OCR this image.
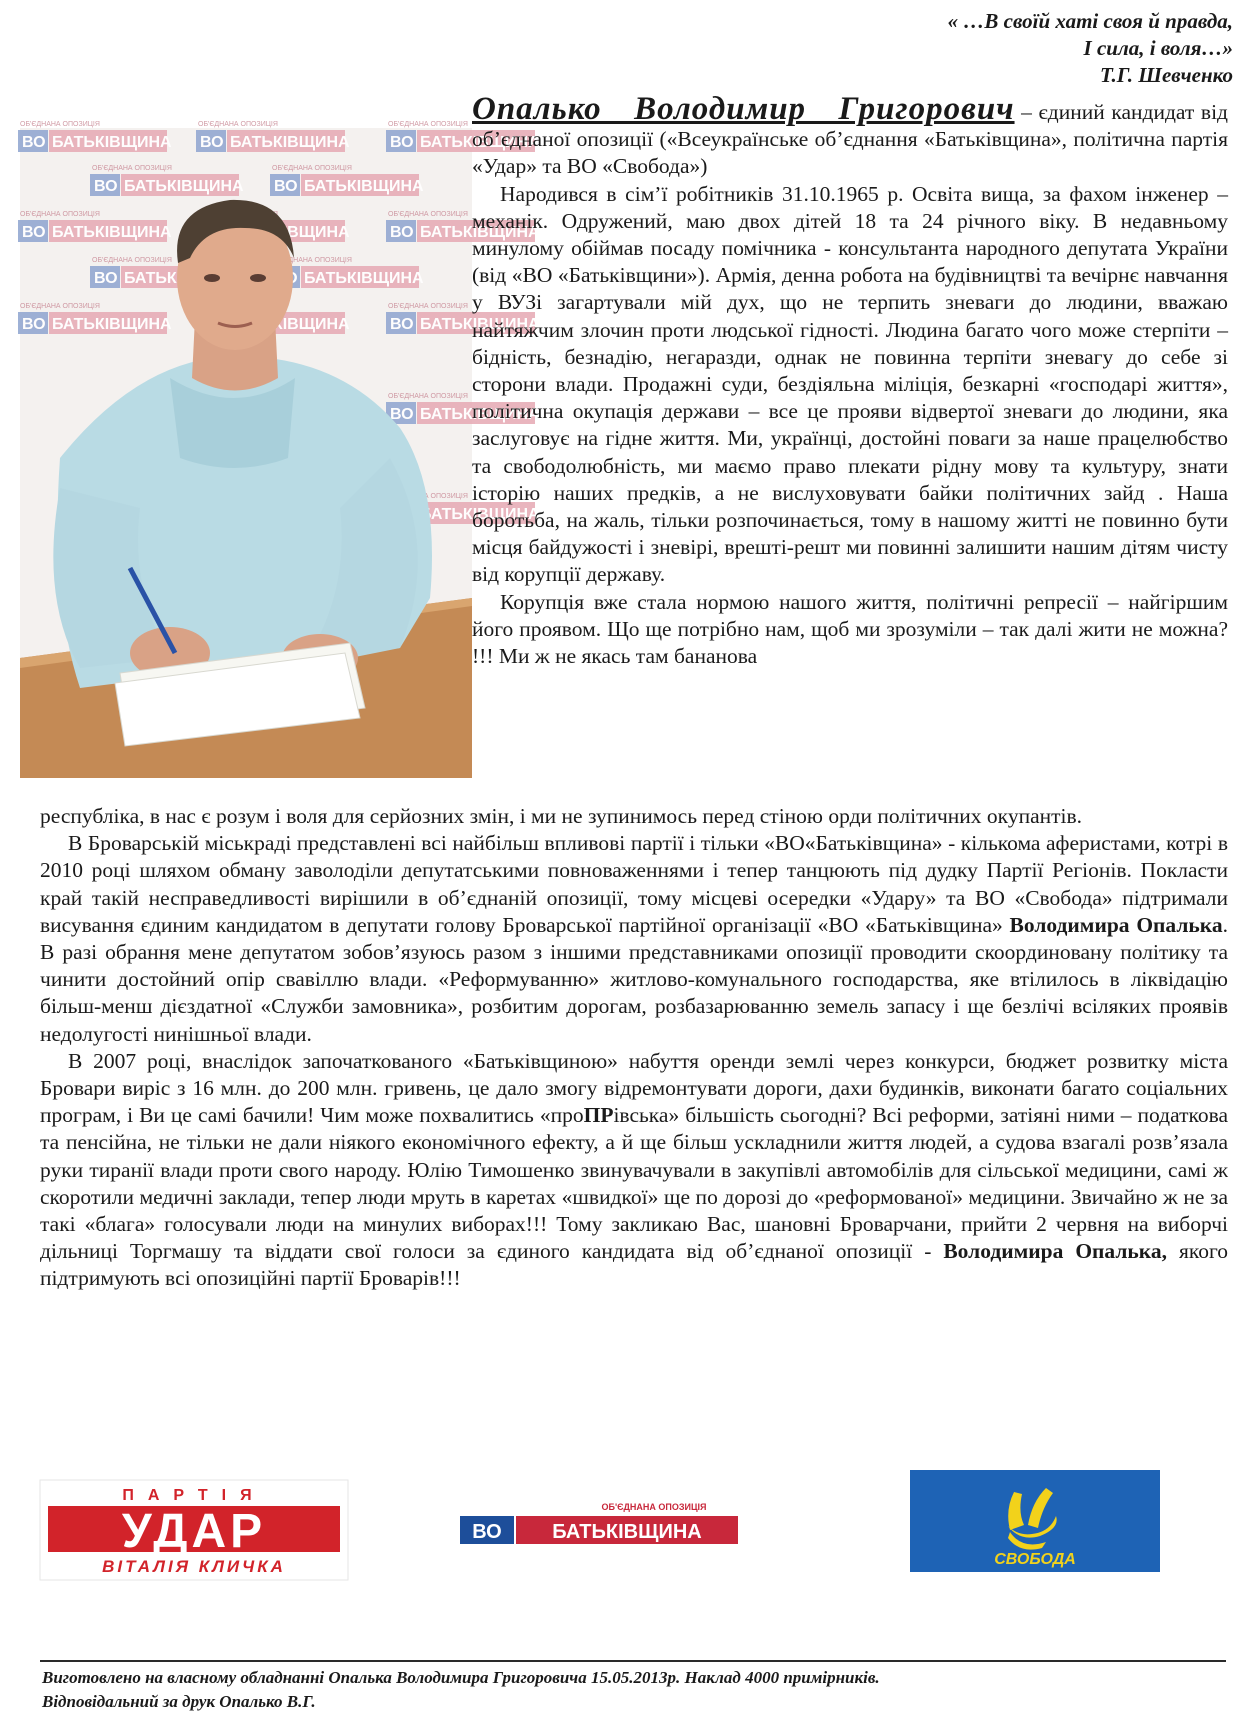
« …В своїй хаті своя й правда,
І сила, і воля…»
Т.Г. Шевченко
ОБ'ЄДНАНА ОПОЗИЦІЯ	Опалько Володимир Григорович – єдиний кандидат від об’єднаної опозиції («Всеукраїнське об’єднання «Батьківщина», політична партія «Удар» та ВО «Свобода»)

Народився в сім’ї робітників 31.10.1965 р. Освіта вища, за фахом інженер – механік. Одружений, маю двох дітей 18 та 24 річного віку. В недавньому минулому обіймав посаду помічника - консультанта народного депутата України (від «ВО «Батьківщини»). Армія, денна робота на будівництві та вечірнє навчання у ВУЗі загартували мій дух, що не терпить зневаги до людини, вважаю найтяжчим злочин проти людської гідності. Людина багато чого може стерпіти – бідність, безнадію, негаразди, однак не повинна терпіти зневагу до себе зі сторони влади. Продажні суди, бездіяльна міліція, безкарні «господарі життя», політична окупація держави – все це прояви відвертої зневаги до людини, яка заслуговує на гідне життя. Ми, українці, достойні поваги за наше працелюбство та свободолюбність, ми маємо право плекати рідну мову та культуру, знати історію наших предків, а не вислуховувати байки політичних зайд . Наша боротьба, на жаль, тільки розпочинається, тому в нашому житті не повинно бути місця байдужості і зневірі, врешті-решт ми повинні залишити нашим дітям чисту від корупції державу.

Корупція вже стала нормою нашого життя, політичні репресії – найгіршим його проявом. Що ще потрібно нам, щоб ми зрозуміли – так далі жити не можна? !!! Ми ж не якась там бананова

республіка, в нас є розум і воля для серйозних змін, і ми не зупинимось перед стіною орди політичних окупантів.

В Броварській міськраді представлені всі найбільш впливові партії і тільки «ВО«Батьківщина» - кількома аферистами, котрі в 2010 році шляхом обману заволоділи депутатськими повноваженнями і тепер танцюють під дудку Партії Регіонів. Покласти край такій несправедливості вирішили в об’єднаній опозиції, тому місцеві осередки «Удару» та ВО «Свобода» підтримали висування єдиним кандидатом в депутати голову Броварської партійної організації «ВО «Батьківщина» Володимира Опалька. В разі обрання мене депутатом зобов’язуюсь разом з іншими представниками опозиції проводити скоординовану політику та чинити достойний опір свавіллю влади. «Реформуванню» житлово-комунального господарства, яке втілилось в ліквідацію більш-менш дієздатної «Служби замовника», розбитим дорогам, розбазарюванню земель запасу і ще безлічі всіляких проявів недолугості нинішньої влади.

В 2007 році, внаслідок започаткованого «Батьківщиною» набуття оренди землі через конкурси, бюджет розвитку міста Бровари виріс з 16 млн. до 200 млн. гривень, це дало змогу відремонтувати дороги, дахи будинків, виконати багато соціальних програм, і Ви це самі бачили! Чим може похвалитись «проПРівська» більшість сьогодні? Всі реформи, затіяні ними – податкова та пенсійна, не тільки не дали ніякого економічного ефекту, а й ще більш ускладнили життя людей, а судова взагалі розв’язала руки тиранії влади проти свого народу. Юлію Тимошенко звинувачували в закупівлі автомобілів для сільської медицини, самі ж скоротили медичні заклади, тепер люди мруть в каретах «швидкої» ще по дорозі до «реформованої» медицини. Звичайно ж не за такі «блага» голосували люди на минулих виборах!!! Тому закликаю Вас, шановні Броварчани, прийти 2 червня на виборчі дільниці Торгмашу та віддати свої голоси за єдиного кандидата від об’єднаної опозиції - Володимира Опалька, якого підтримують всі опозиційні партії Броварів!!!

ПАРТІЯ
УДАР
ВІТАЛІЯ КЛИЧКА
ОБ'ЄДНАНА ОПОЗИЦІЯ
ВО	БАТЬКІВЩИНА
СВОБОДА
Виготовлено на власному обладнанні Опалька Володимира Григоровича 15.05.2013р. Наклад 4000 примірників.
Відповідальний за друк Опалько В.Г.
